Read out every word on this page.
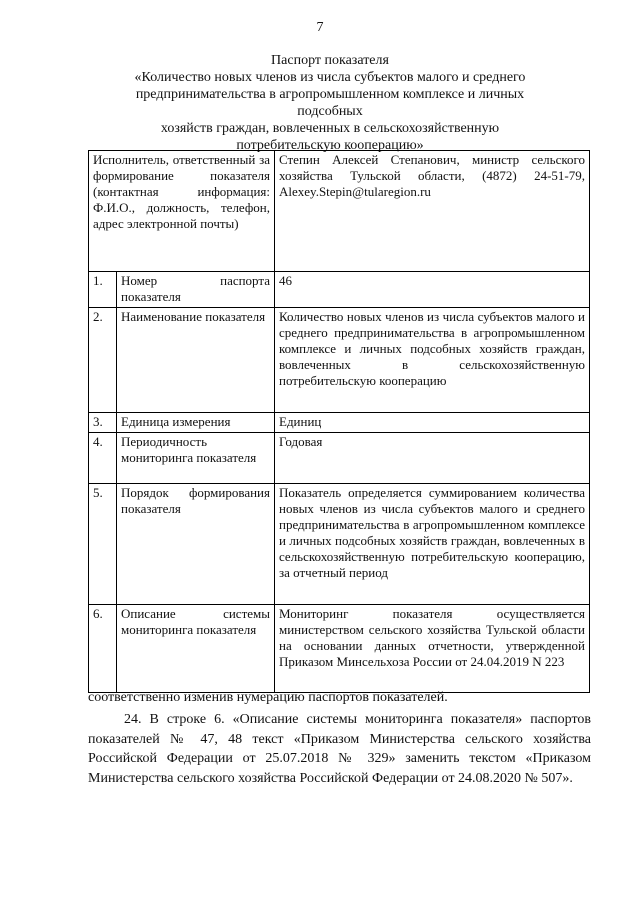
7
Паспорт показателя
«Количество новых членов из числа субъектов малого и среднего
предпринимательства в агропромышленном комплексе и личных подсобных
хозяйств граждан, вовлеченных в сельскохозяйственную
потребительскую кооперацию»
Исполнитель, ответственный за формирование показателя (контактная информация: Ф.И.О., должность, телефон, адрес электронной почты)		Степин Алексей Степанович, министр сельского хозяйства Тульской области, (4872) 24-51-79, Alexey.Stepin@tularegion.ru
1.	Номер паспорта показателя	46
2.	Наименование показателя	Количество новых членов из числа субъектов малого и среднего предпринимательства в агропромышленном комплексе и личных подсобных хозяйств граждан, вовлеченных в сельскохозяйственную потребительскую кооперацию
3.	Единица измерения	Единиц
4.	Периодичность мониторинга показателя	Годовая
5.	Порядок формирования показателя	Показатель определяется суммированием количества новых членов из числа субъектов малого и среднего предпринимательства в агропромышленном комплексе и личных подсобных хозяйств граждан, вовлеченных в сельскохозяйственную потребительскую кооперацию, за отчетный период
6.	Описание системы мониторинга показателя	Мониторинг показателя осуществляется министерством сельского хозяйства Тульской области на основании данных отчетности, утвержденной Приказом Минсельхоза России от 24.04.2019 N 223
соответственно изменив нумерацию паспортов показателей.
24. В строке 6. «Описание системы мониторинга показателя» паспортов показателей № 47, 48 текст «Приказом Министерства сельского хозяйства Российской Федерации от 25.07.2018 № 329» заменить текстом «Приказом Министерства сельского хозяйства Российской Федерации от 24.08.2020 № 507».
